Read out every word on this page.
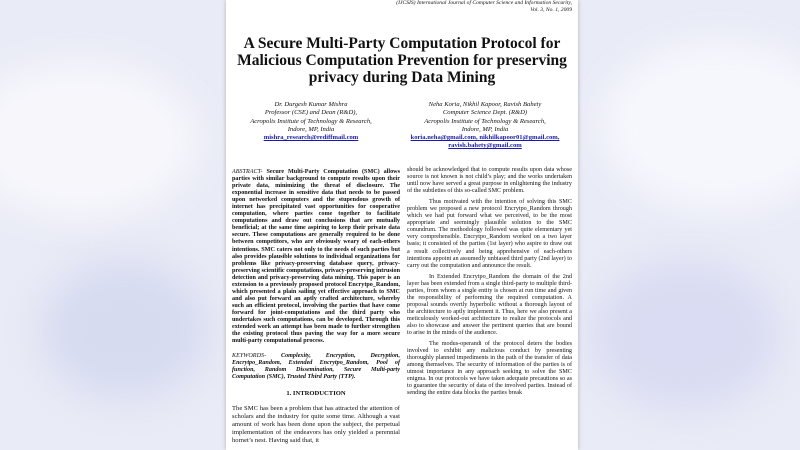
(IJCSIS) International Journal of Computer Science and Information Security,
Vol. 3, No. 1, 2009
A Secure Multi-Party Computation Protocol for Malicious Computation Prevention for preserving privacy during Data Mining
Dr. Durgesh Kumar Mishra
Professor (CSE) and Dean (R&D),
Acropolis Institute of Technology & Research,
Indore, MP, India
mishra_research@rediffmail.com
Neha Koria, Nikhil Kapoor, Ravish Bahety
Computer Science Dept. (R&D)
Acropolis Institute of Technology & Research,
Indore, MP, India
koria.neha@gmail.com, nikhilkapoor01@gmail.com,
ravish.bahety@gmail.com

ABSTRACT- Secure Multi-Party Computation (SMC) allows parties with similar background to compute results upon their private data, minimizing the threat of disclosure. The exponential increase in sensitive data that needs to be passed upon networked computers and the stupendous growth of internet has precipitated vast opportunities for cooperative computation, where parties come together to facilitate computations and draw out conclusions that are mutually beneficial; at the same time aspiring to keep their private data secure. These computations are generally required to be done between competitors, who are obviously weary of each-others intentions. SMC caters not only to the needs of such parties but also provides plausible solutions to individual organizations for problems like privacy-preserving database query, privacy-preserving scientific computations, privacy-preserving intrusion detection and privacy-preserving data mining. This paper is an extension to a previously proposed protocol Encrytpo_Random, which presented a plain sailing yet effective approach to SMC and also put forward an aptly crafted architecture, whereby such an efficient protocol, involving the parties that have come forward for joint-computations and the third party who undertakes such computations, can be developed. Through this extended work an attempt has been made to further strengthen the existing protocol thus paving the way for a more secure multi-party computational process.

KEYWORDS- Complexity, Encryption, Decryption, Encrytpo_Random, Extended Encrytpo_Random, Pool of function, Random Dissemination, Secure Multi-party Computation (SMC), Trusted Third Party (TTP).

1. INTRODUCTION

The SMC has been a problem that has attracted the attention of scholars and the industry for quite some time. Although a vast amount of work has been done upon the subject, the perpetual implementation of the endeavors has only yielded a perennial hornet’s nest. Having said that, it

should be acknowledged that to compute results upon data whose source is not known is not child’s play; and the works undertaken until now have served a great purpose in enlightening the industry of the subtleties of this so-called SMC problem.

Thus motivated with the intention of solving this SMC problem we proposed a new protocol Encrytpo_Random through which we had put forward what we perceived, to be the most appropriate and seemingly plausible solution to the SMC conundrum. The methodology followed was quite elementary yet very comprehensible. Encrytpo_Random worked on a two layer basis; it consisted of the parties (1st layer) who aspire to draw out a result collectively and being apprehensive of each-others intentions appoint an assumedly unbiased third party (2nd layer) to carry out the computation and announce the result.

In Extended Encrytpo_Random the domain of the 2nd layer has been extended from a single third-party to multiple third-parties, from whom a single entity is chosen at run time and given the responsibility of performing the required computation. A proposal sounds overtly hyperbolic without a thorough layout of the architecture to aptly implement it. Thus, here we also present a meticulously worked-out architecture to realize the protocols and also to showcase and answer the pertinent queries that are bound to arise in the minds of the audience.

The modus-operandi of the protocol deters the bodies involved to exhibit any malicious conduct by presenting thoroughly planned impediments in the path of the transfer of data among themselves. The security of information of the parties is of utmost importance in any approach seeking to solve the SMC enigma. In our protocols we have taken adequate precautions so as to guarantee the security of data of the involved parties. Instead of sending the entire data blocks the parties break
